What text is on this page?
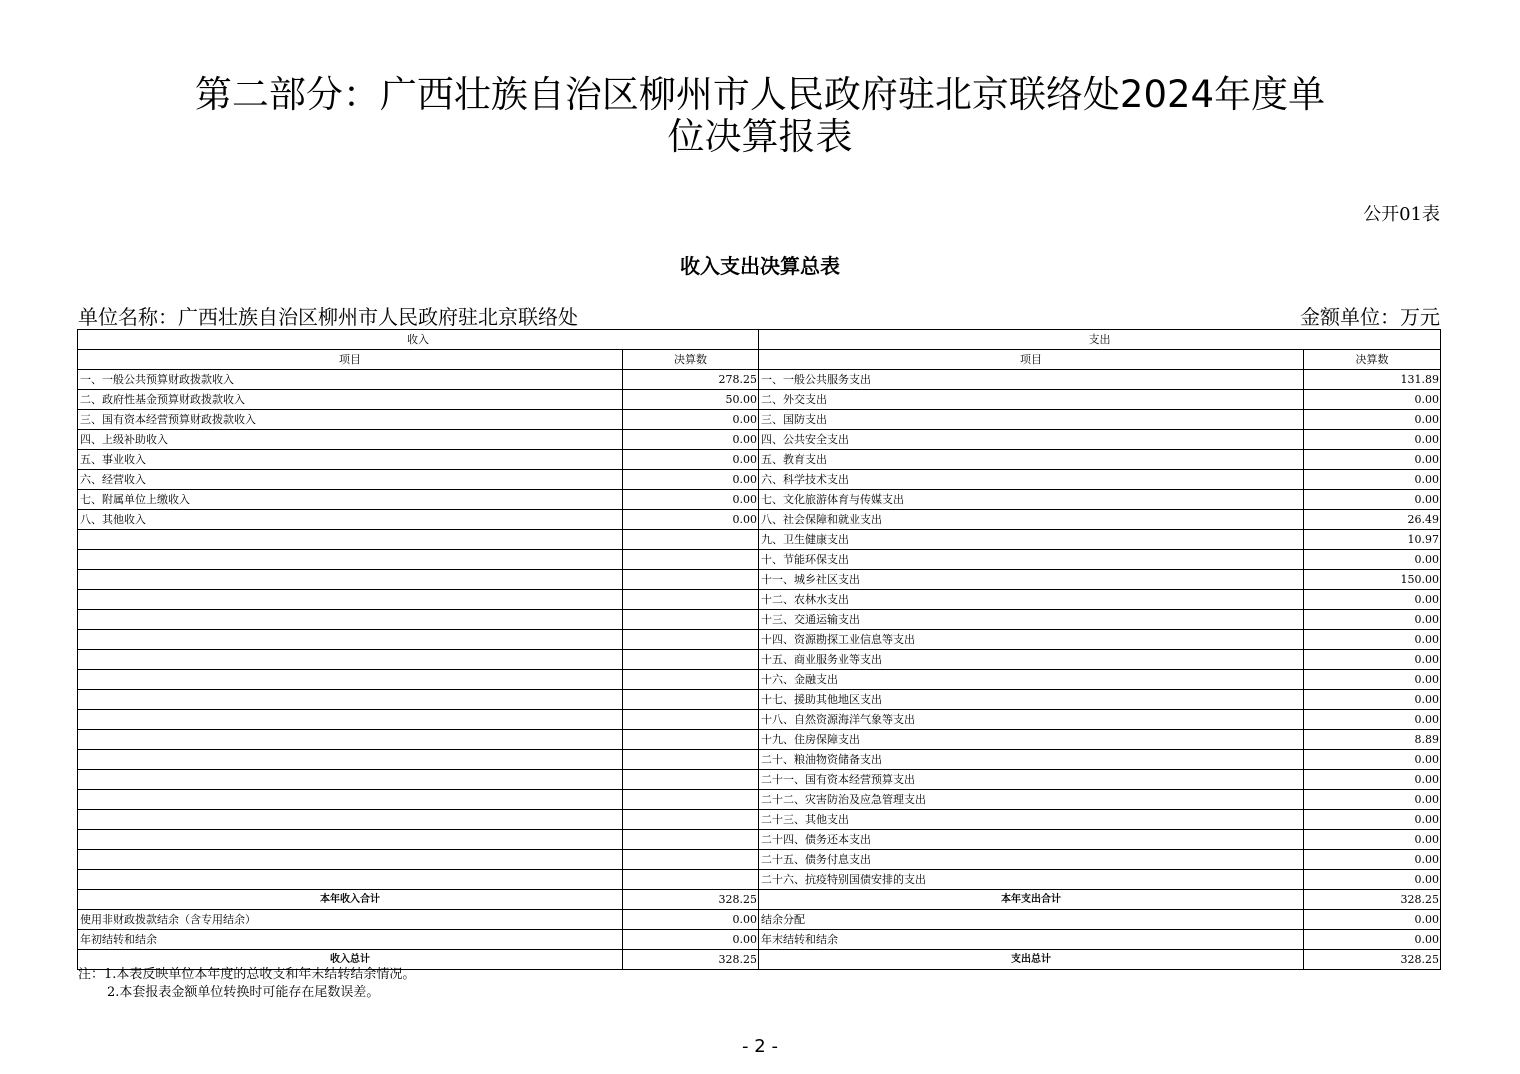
第二部分：广西壮族自治区柳州市人民政府驻北京联络处2024年度单
位决算报表
公开01表
收入支出决算总表
单位名称：广西壮族自治区柳州市人民政府驻北京联络处	金额单位：万元
收入		支出	
项目	决算数	项目	决算数
一、一般公共预算财政拨款收入	278.25	一、一般公共服务支出	131.89
二、政府性基金预算财政拨款收入	50.00	二、外交支出	0.00
三、国有资本经营预算财政拨款收入	0.00	三、国防支出	0.00
四、上级补助收入	0.00	四、公共安全支出	0.00
五、事业收入	0.00	五、教育支出	0.00
六、经营收入	0.00	六、科学技术支出	0.00
七、附属单位上缴收入	0.00	七、文化旅游体育与传媒支出	0.00
八、其他收入	0.00	八、社会保障和就业支出	26.49
		九、卫生健康支出	10.97
		十、节能环保支出	0.00
		十一、城乡社区支出	150.00
		十二、农林水支出	0.00
		十三、交通运输支出	0.00
		十四、资源勘探工业信息等支出	0.00
		十五、商业服务业等支出	0.00
		十六、金融支出	0.00
		十七、援助其他地区支出	0.00
		十八、自然资源海洋气象等支出	0.00
		十九、住房保障支出	8.89
		二十、粮油物资储备支出	0.00
		二十一、国有资本经营预算支出	0.00
		二十二、灾害防治及应急管理支出	0.00
		二十三、其他支出	0.00
		二十四、债务还本支出	0.00
		二十五、债务付息支出	0.00
		二十六、抗疫特别国债安排的支出	0.00
本年收入合计	328.25	本年支出合计	328.25
使用非财政拨款结余（含专用结余）	0.00	结余分配	0.00
年初结转和结余	0.00	年末结转和结余	0.00
收入总计	328.25	支出总计	328.25
注：1.本表反映单位本年度的总收支和年末结转结余情况。
2.本套报表金额单位转换时可能存在尾数误差。
- 2 -
